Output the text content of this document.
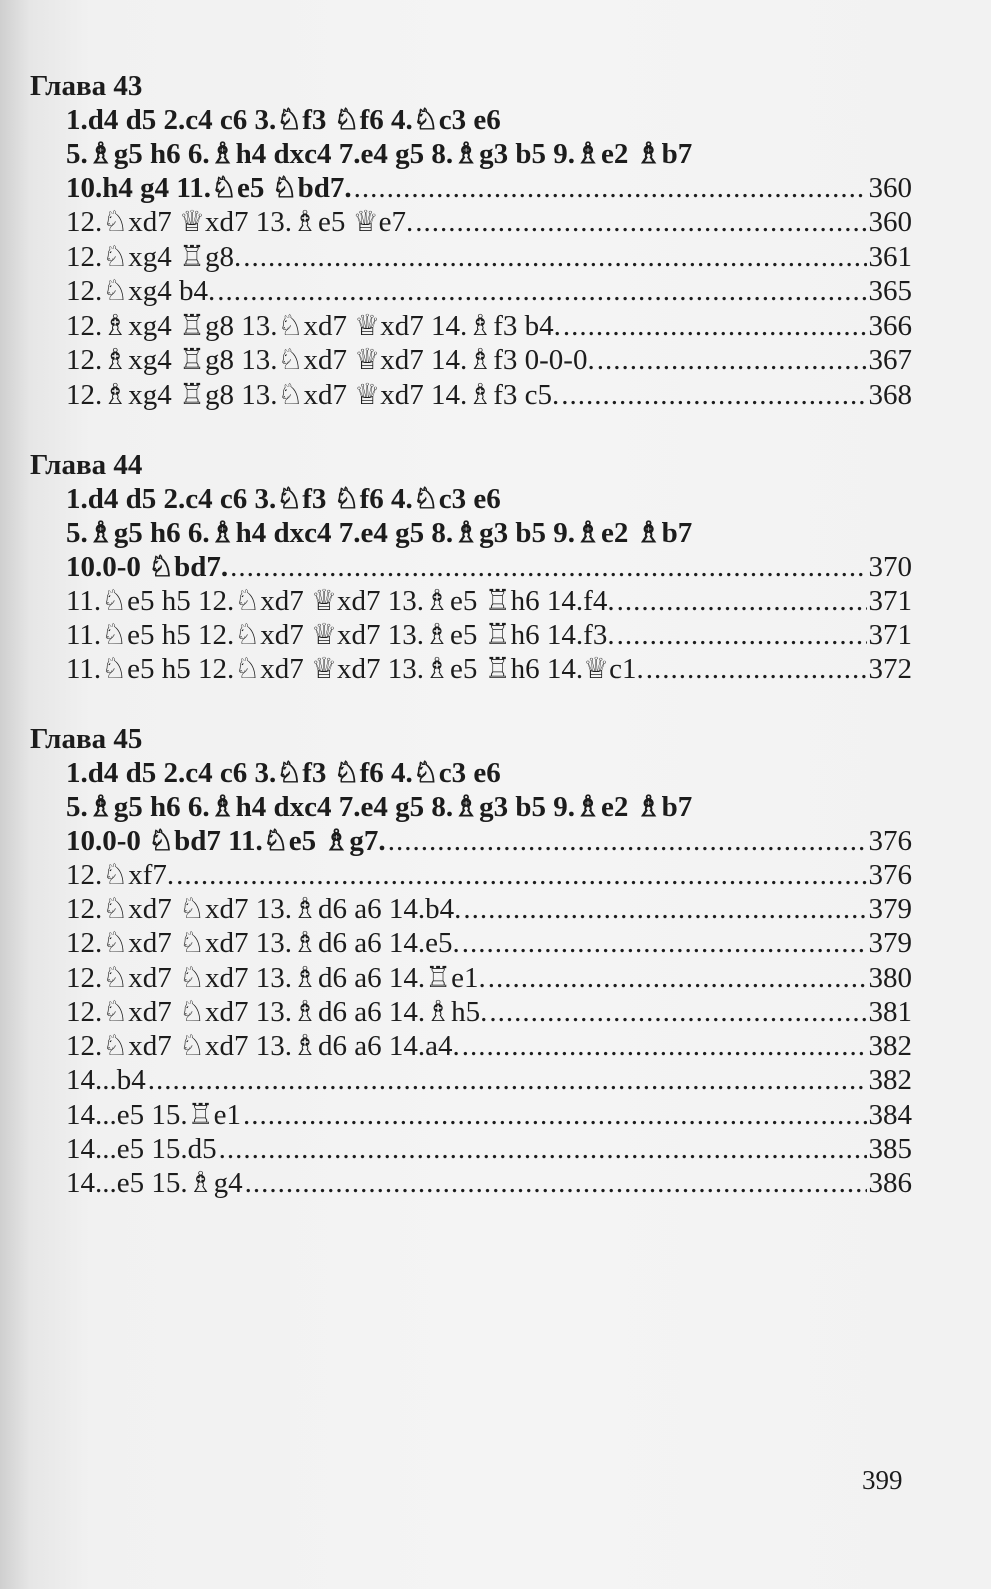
Глава 43
1.d4 d5 2.c4 c6 3.♘f3 ♘f6 4.♘c3 e6
5.♗g5 h6 6.♗h4 dxc4 7.e4 g5 8.♗g3 b5 9.♗e2 ♗b7
10.h4 g4 11.♘e5 ♘bd7. .....	360
12.♘xd7 ♕xd7 13.♗e5 ♕e7. .....	360
12.♘xg4 ♖g8. .....	361
12.♘xg4 b4. .....	365
12.♗xg4 ♖g8 13.♘xd7 ♕xd7 14.♗f3 b4. .....	366
12.♗xg4 ♖g8 13.♘xd7 ♕xd7 14.♗f3 0-0-0. .....	367
12.♗xg4 ♖g8 13.♘xd7 ♕xd7 14.♗f3 c5. .....	368
Глава 44
1.d4 d5 2.c4 c6 3.♘f3 ♘f6 4.♘c3 e6
5.♗g5 h6 6.♗h4 dxc4 7.e4 g5 8.♗g3 b5 9.♗e2 ♗b7
10.0-0 ♘bd7. .....	370
11.♘e5 h5 12.♘xd7 ♕xd7 13.♗e5 ♖h6 14.f4. .....	371
11.♘e5 h5 12.♘xd7 ♕xd7 13.♗e5 ♖h6 14.f3. .....	371
11.♘e5 h5 12.♘xd7 ♕xd7 13.♗e5 ♖h6 14.♕c1. .....	372
Глава 45
1.d4 d5 2.c4 c6 3.♘f3 ♘f6 4.♘c3 e6
5.♗g5 h6 6.♗h4 dxc4 7.e4 g5 8.♗g3 b5 9.♗e2 ♗b7
10.0-0 ♘bd7 11.♘e5 ♗g7. .....	376
12.♘xf7. .....	376
12.♘xd7 ♘xd7 13.♗d6 a6 14.b4. .....	379
12.♘xd7 ♘xd7 13.♗d6 a6 14.e5. .....	379
12.♘xd7 ♘xd7 13.♗d6 a6 14.♖e1. .....	380
12.♘xd7 ♘xd7 13.♗d6 a6 14.♗h5. .....	381
12.♘xd7 ♘xd7 13.♗d6 a6 14.a4. .....	382
14...b4 .....	382
14...e5 15.♖e1 .....	384
14...e5 15.d5 .....	385
14...e5 15.♗g4 .....	386
399
